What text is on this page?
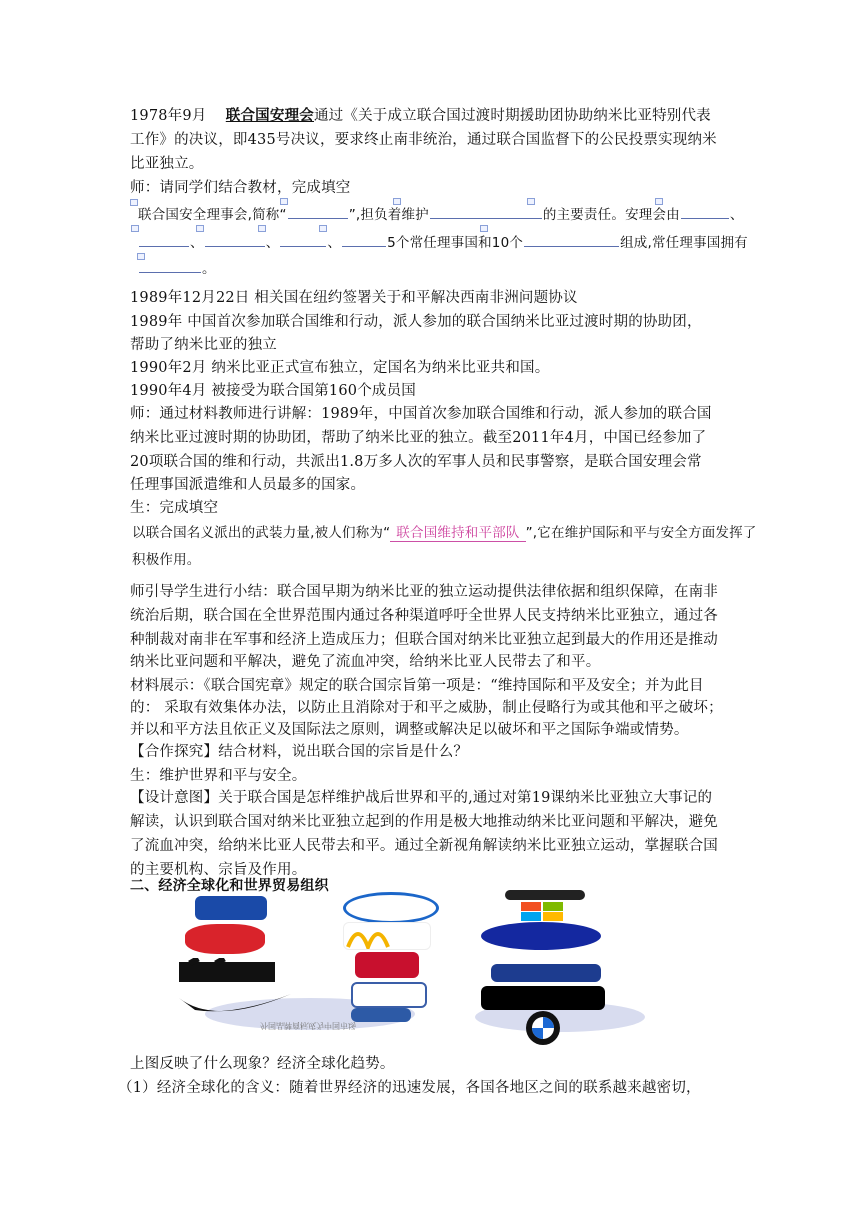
1978年9月 联合国安理会通过《关于成立联合国过渡时期援助团协助纳米比亚特别代表
工作》的决议，即435号决议，要求终止南非统治，通过联合国监督下的公民投票实现纳米
比亚独立。
师：请同学们结合教材，完成填空
联合国安全理事会,简称“	”,担负着维护	的主要责任。安理会由	、
、	、	、	5个常任理事国和10个	组成,常任理事国拥有
。
1989年12月22日 相关国在纽约签署关于和平解决西南非洲问题协议
1989年 中国首次参加联合国维和行动，派人参加的联合国纳米比亚过渡时期的协助团，
帮助了纳米比亚的独立
1990年2月 纳米比亚正式宣布独立，定国名为纳米比亚共和国。
1990年4月 被接受为联合国第160个成员国
师：通过材料教师进行讲解：1989年，中国首次参加联合国维和行动，派人参加的联合国
纳米比亚过渡时期的协助团，帮助了纳米比亚的独立。截至2011年4月，中国已经参加了
20项联合国的维和行动，共派出1.8万多人次的军事人员和民事警察，是联合国安理会常
任理事国派遣维和人员最多的国家。
生：完成填空
以联合国名义派出的武装力量,被人们称为“ 联合国维持和平部队 ”,它在维护国际和平与安全方面发挥了
积极作用。
师引导学生进行小结：联合国早期为纳米比亚的独立运动提供法律依据和组织保障，在南非
统治后期，联合国在全世界范围内通过各种渠道呼吁全世界人民支持纳米比亚独立，通过各
种制裁对南非在军事和经济上造成压力；但联合国对纳米比亚独立起到最大的作用还是推动
纳米比亚问题和平解决，避免了流血冲突，给纳米比亚人民带去了和平。
材料展示：《联合国宪章》规定的联合国宗旨第一项是：“维持国际和平及安全；并为此目
的： 采取有效集体办法，以防止且消除对于和平之威胁，制止侵略行为或其他和平之破坏；
并以和平方法且依正义及国际法之原则，调整或解决足以破坏和平之国际争端或情势。
【合作探究】结合材料，说出联合国的宗旨是什么？
生：维护世界和平与安全。
【设计意图】关于联合国是怎样维护战后世界和平的,通过对第19课纳米比亚独立大事记的
解读，认识到联合国对纳米比亚独立起到的作用是极大地推动纳米比亚问题和平解决，避免
了流血冲突，给纳米比亚人民带去和平。通过全新视角解读纳米比亚独立运动，掌握联合国
的主要机构、宗旨及作用。
二、经济全球化和世界贸易组织
外国品牌商标成为中国市场
上图反映了什么现象？经济全球化趋势。
（1）经济全球化的含义：随着世界经济的迅速发展，各国各地区之间的联系越来越密切，
